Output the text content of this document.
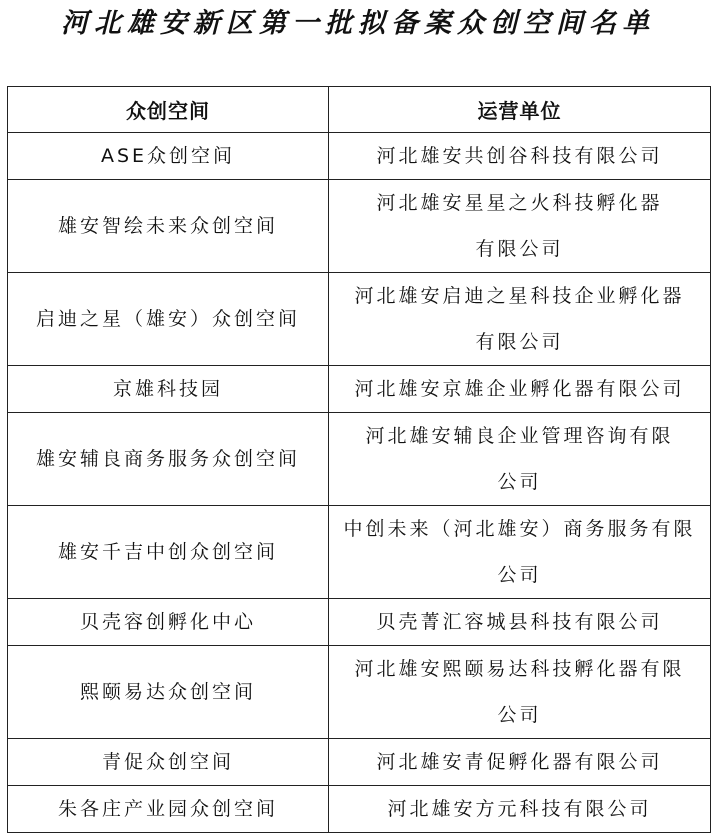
河北雄安新区第一批拟备案众创空间名单
众创空间	运营单位
ASE众创空间	河北雄安共创谷科技有限公司

雄安智绘未来众创空间	河北雄安星星之火科技孵化器
有限公司

启迪之星（雄安）众创空间	河北雄安启迪之星科技企业孵化器
有限公司

京雄科技园	河北雄安京雄企业孵化器有限公司

雄安辅良商务服务众创空间	河北雄安辅良企业管理咨询有限
公司

雄安千吉中创众创空间	中创未来（河北雄安）商务服务有限
公司

贝壳容创孵化中心	贝壳菁汇容城县科技有限公司

熙颐易达众创空间	河北雄安熙颐易达科技孵化器有限
公司

青促众创空间	河北雄安青促孵化器有限公司

朱各庄产业园众创空间	河北雄安方元科技有限公司
